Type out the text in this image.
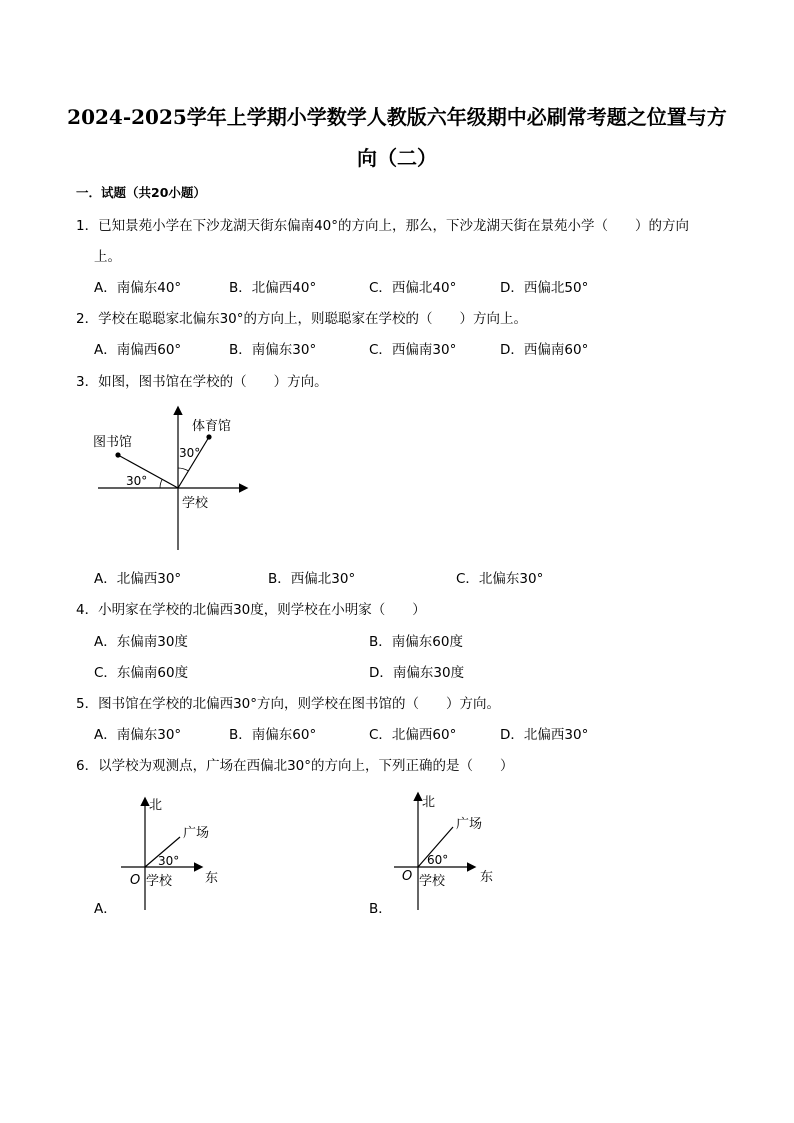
2024-2025学年上学期小学数学人教版六年级期中必刷常考题之位置与方
向（二）
一．试题（共20小题）
1．已知景苑小学在下沙龙湖天街东偏南40°的方向上，那么，下沙龙湖天街在景苑小学（　　）的方向
上。
A．南偏东40°	B．北偏西40°	C．西偏北40°	D．西偏北50°
2．学校在聪聪家北偏东30°的方向上，则聪聪家在学校的（　　）方向上。
A．南偏西60°	B．南偏东30°	C．西偏南30°	D．西偏南60°
3．如图，图书馆在学校的（　　）方向。
图书馆
体育馆
学校
30°
30°
A．北偏西30°	B．西偏北30°	C．北偏东30°
4．小明家在学校的北偏西30度，则学校在小明家（　　）
A．东偏南30度	B．南偏东60度
C．东偏南60度	D．南偏东30度
5．图书馆在学校的北偏西30°方向，则学校在图书馆的（　　）方向。
A．南偏东30°	B．南偏东60°	C．北偏西60°	D．北偏西30°
6．以学校为观测点，广场在西偏北30°的方向上，下列正确的是（　　）
北
广场
30°
O 学校	东
A．
北
广场
60°
O 学校	东
B．
